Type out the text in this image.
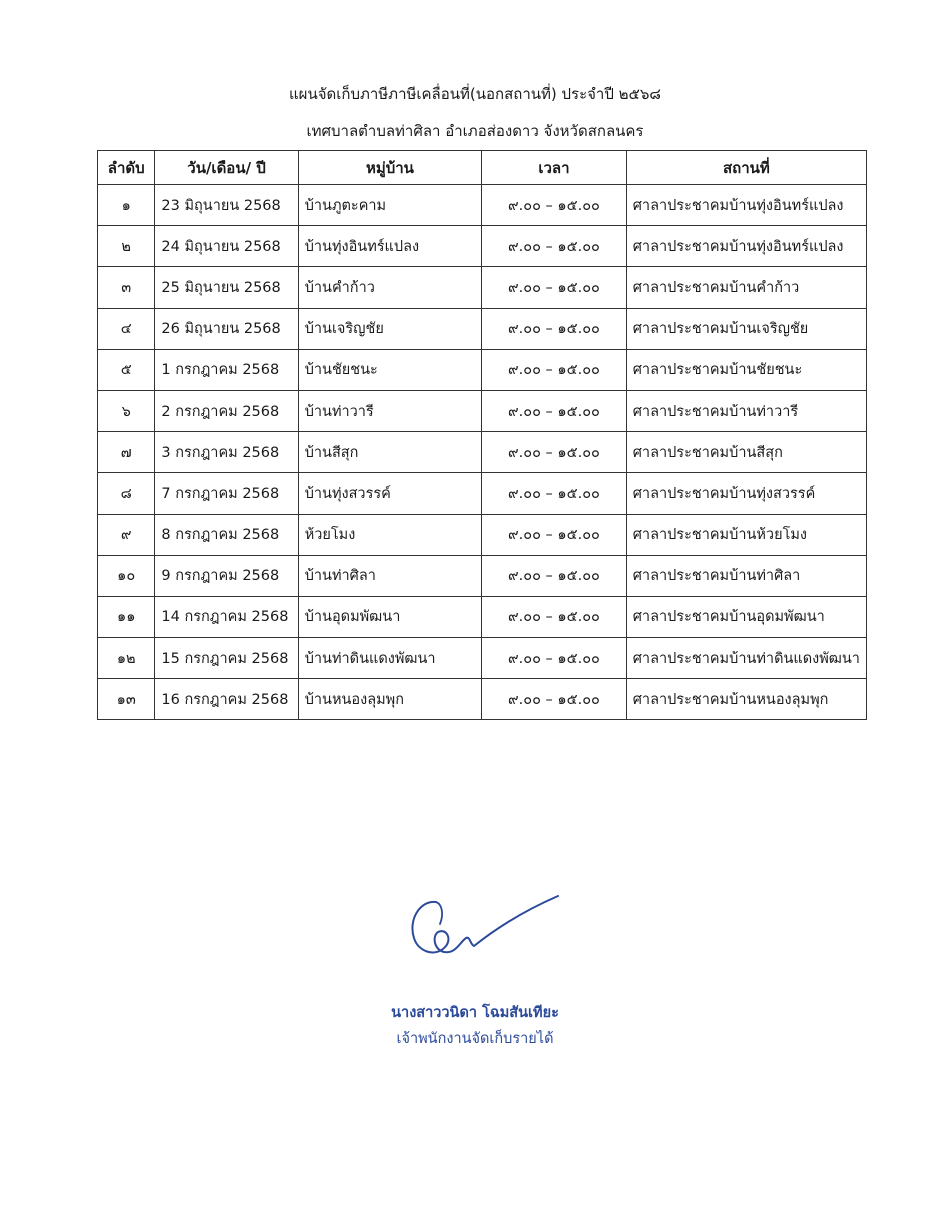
แผนจัดเก็บภาษีภาษีเคลื่อนที่(นอกสถานที่) ประจำปี ๒๕๖๘
เทศบาลตำบลท่าศิลา อำเภอส่องดาว จังหวัดสกลนคร
ลำดับ	วัน/เดือน/ ปี	หมู่บ้าน	เวลา	สถานที่
๑	23 มิถุนายน 2568	บ้านภูตะคาม	๙.๐๐ – ๑๕.๐๐	ศาลาประชาคมบ้านทุ่งอินทร์แปลง
๒	24 มิถุนายน 2568	บ้านทุ่งอินทร์แปลง	๙.๐๐ – ๑๕.๐๐	ศาลาประชาคมบ้านทุ่งอินทร์แปลง
๓	25 มิถุนายน 2568	บ้านคำก้าว	๙.๐๐ – ๑๕.๐๐	ศาลาประชาคมบ้านคำก้าว
๔	26 มิถุนายน 2568	บ้านเจริญชัย	๙.๐๐ – ๑๕.๐๐	ศาลาประชาคมบ้านเจริญชัย
๕	1 กรกฎาคม 2568	บ้านชัยชนะ	๙.๐๐ – ๑๕.๐๐	ศาลาประชาคมบ้านชัยชนะ
๖	2 กรกฎาคม 2568	บ้านท่าวารี	๙.๐๐ – ๑๕.๐๐	ศาลาประชาคมบ้านท่าวารี
๗	3 กรกฎาคม 2568	บ้านสีสุก	๙.๐๐ – ๑๕.๐๐	ศาลาประชาคมบ้านสีสุก
๘	7 กรกฎาคม 2568	บ้านทุ่งสวรรค์	๙.๐๐ – ๑๕.๐๐	ศาลาประชาคมบ้านทุ่งสวรรค์
๙	8 กรกฎาคม 2568	ห้วยโมง	๙.๐๐ – ๑๕.๐๐	ศาลาประชาคมบ้านห้วยโมง
๑๐	9 กรกฎาคม 2568	บ้านท่าศิลา	๙.๐๐ – ๑๕.๐๐	ศาลาประชาคมบ้านท่าศิลา
๑๑	14 กรกฎาคม 2568	บ้านอุดมพัฒนา	๙.๐๐ – ๑๕.๐๐	ศาลาประชาคมบ้านอุดมพัฒนา
๑๒	15 กรกฎาคม 2568	บ้านท่าดินแดงพัฒนา	๙.๐๐ – ๑๕.๐๐	ศาลาประชาคมบ้านท่าดินแดงพัฒนา
๑๓	16 กรกฎาคม 2568	บ้านหนองลุมพุก	๙.๐๐ – ๑๕.๐๐	ศาลาประชาคมบ้านหนองลุมพุก
นางสาววนิดา โฉมสันเทียะ
เจ้าพนักงานจัดเก็บรายได้
